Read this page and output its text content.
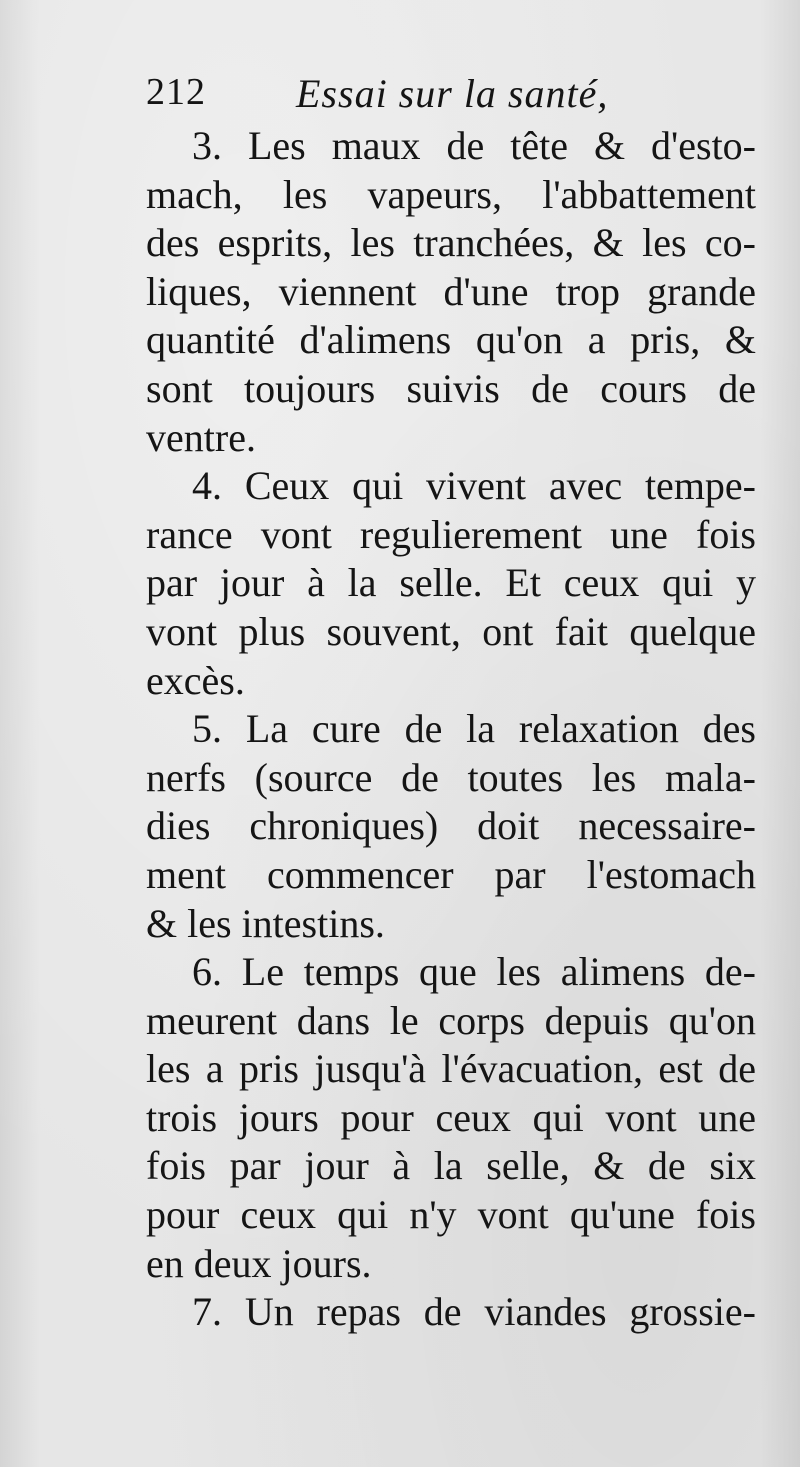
212 Essai sur la santé,
3. Les maux de tête & d'esto-
mach, les vapeurs, l'abbattement
des esprits, les tranchées, & les co-
liques, viennent d'une trop grande
quantité d'alimens qu'on a pris, &
sont toujours suivis de cours de
ventre.
4. Ceux qui vivent avec tempe-
rance vont regulierement une fois
par jour à la selle. Et ceux qui y
vont plus souvent, ont fait quelque
excès.
5. La cure de la relaxation des
nerfs (source de toutes les mala-
dies chroniques) doit necessaire-
ment commencer par l'estomach
& les intestins.
6. Le temps que les alimens de-
meurent dans le corps depuis qu'on
les a pris jusqu'à l'évacuation, est de
trois jours pour ceux qui vont une
fois par jour à la selle, & de six
pour ceux qui n'y vont qu'une fois
en deux jours.
7. Un repas de viandes grossie-
